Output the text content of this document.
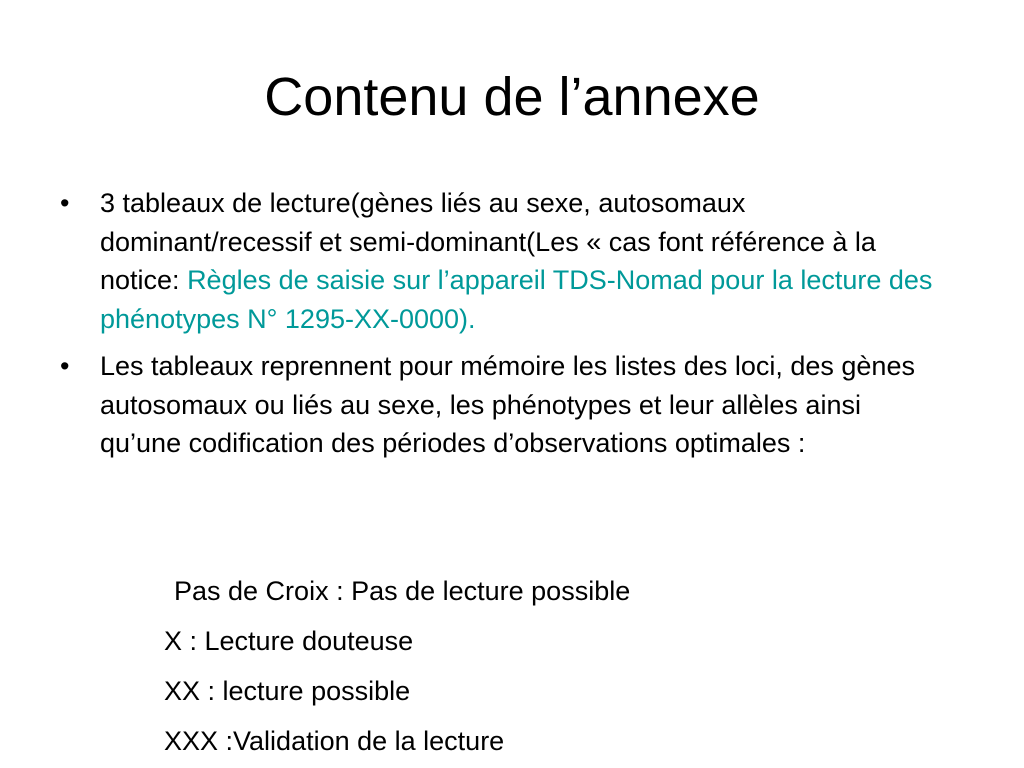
Contenu de l’annexe
• 3 tableaux de lecture(gènes liés au sexe, autosomaux dominant/recessif et semi-dominant(Les « cas font référence à la notice: Règles de saisie sur l’appareil TDS-Nomad pour la lecture des phénotypes N° 1295-XX-0000).
• Les tableaux reprennent pour mémoire les listes des loci, des gènes autosomaux ou liés au sexe, les phénotypes et leur allèles ainsi qu’une codification des périodes d’observations optimales :
Pas de Croix : Pas de lecture possible
X : Lecture douteuse
XX : lecture possible
XXX :Validation de la lecture
